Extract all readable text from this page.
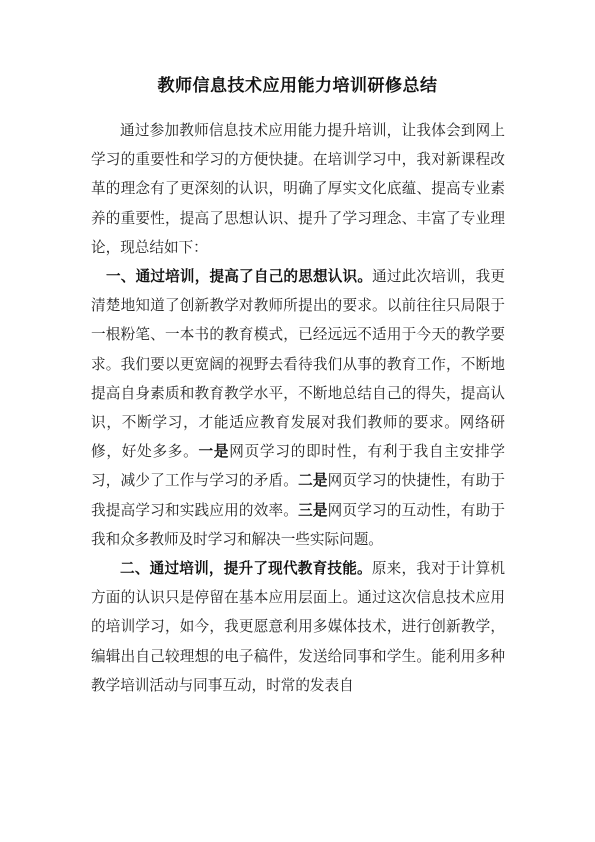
教师信息技术应用能力培训研修总结

通过参加教师信息技术应用能力提升培训，让我体会到网上学习的重要性和学习的方便快捷。在培训学习中，我对新课程改革的理念有了更深刻的认识，明确了厚实文化底蕴、提高专业素养的重要性，提高了思想认识、提升了学习理念、丰富了专业理论，现总结如下：

一、通过培训，提高了自己的思想认识。通过此次培训，我更清楚地知道了创新教学对教师所提出的要求。以前往往只局限于一根粉笔、一本书的教育模式，已经远远不适用于今天的教学要求。我们要以更宽阔的视野去看待我们从事的教育工作，不断地提高自身素质和教育教学水平，不断地总结自己的得失，提高认识，不断学习，才能适应教育发展对我们教师的要求。网络研修，好处多多。一是网页学习的即时性，有利于我自主安排学习，减少了工作与学习的矛盾。二是网页学习的快捷性，有助于我提高学习和实践应用的效率。三是网页学习的互动性，有助于我和众多教师及时学习和解决一些实际问题。

二、通过培训，提升了现代教育技能。原来，我对于计算机方面的认识只是停留在基本应用层面上。通过这次信息技术应用的培训学习，如今，我更愿意利用多媒体技术，进行创新教学，编辑出自己较理想的电子稿件，发送给同事和学生。能利用多种教学培训活动与同事互动，时常的发表自
